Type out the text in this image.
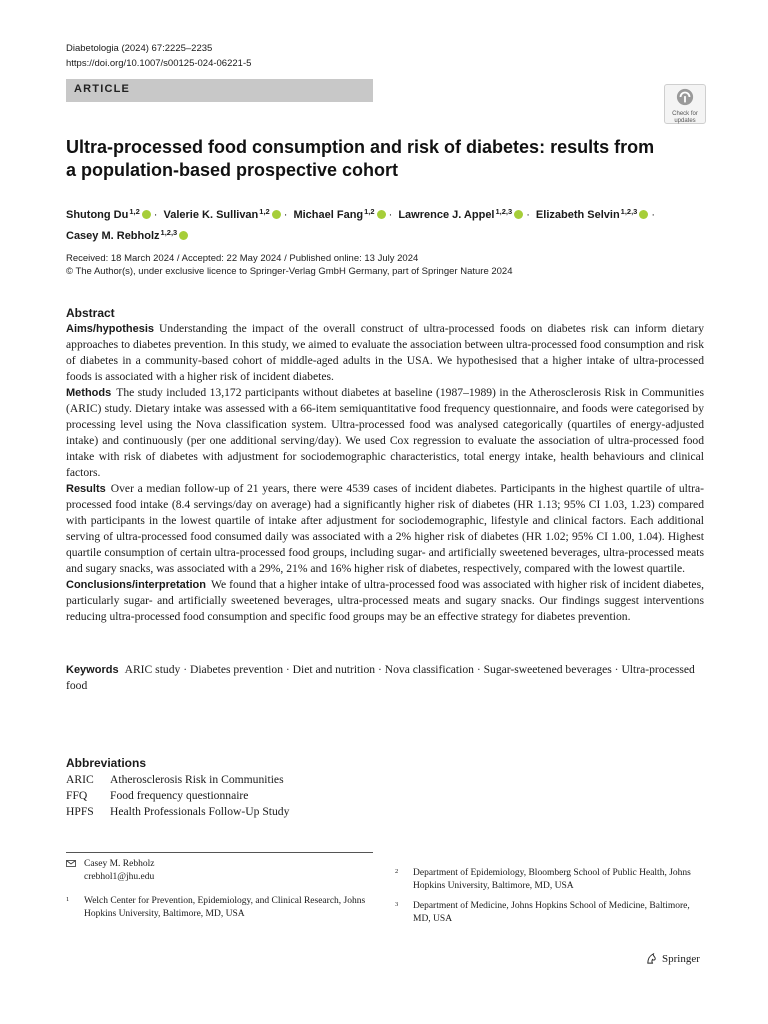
Diabetologia (2024) 67:2225–2235
https://doi.org/10.1007/s00125-024-06221-5
ARTICLE
Check for updates
Ultra-processed food consumption and risk of diabetes: results from a population-based prospective cohort
Shutong Du$^{1,2}$ · Valerie K. Sullivan$^{1,2}$ · Michael Fang$^{1,2}$ · Lawrence J. Appel$^{1,2,3}$ · Elizabeth Selvin$^{1,2,3}$ ·
Casey M. Rebholz$^{1,2,3}$
Received: 18 March 2024 / Accepted: 22 May 2024 / Published online: 13 July 2024
© The Author(s), under exclusive licence to Springer-Verlag GmbH Germany, part of Springer Nature 2024
Abstract

Aims/hypothesis Understanding the impact of the overall construct of ultra-processed foods on diabetes risk can inform dietary approaches to diabetes prevention. In this study, we aimed to evaluate the association between ultra-processed food consumption and risk of diabetes in a community-based cohort of middle-aged adults in the USA. We hypothesised that a higher intake of ultra-processed foods is associated with a higher risk of incident diabetes.

Methods The study included 13,172 participants without diabetes at baseline (1987–1989) in the Atherosclerosis Risk in Communities (ARIC) study. Dietary intake was assessed with a 66-item semiquantitative food frequency questionnaire, and foods were categorised by processing level using the Nova classification system. Ultra-processed food was analysed categorically (quartiles of energy-adjusted intake) and continuously (per one additional serving/day). We used Cox regression to evaluate the association of ultra-processed food intake with risk of diabetes with adjustment for sociodemographic characteristics, total energy intake, health behaviours and clinical factors.

Results Over a median follow-up of 21 years, there were 4539 cases of incident diabetes. Participants in the highest quartile of ultra-processed food intake (8.4 servings/day on average) had a significantly higher risk of diabetes (HR 1.13; 95% CI 1.03, 1.23) compared with participants in the lowest quartile of intake after adjustment for sociodemographic, lifestyle and clinical factors. Each additional serving of ultra-processed food consumed daily was associated with a 2% higher risk of diabetes (HR 1.02; 95% CI 1.00, 1.04). Highest quartile consumption of certain ultra-processed food groups, including sugar- and artificially sweetened beverages, ultra-processed meats and sugary snacks, was associated with a 29%, 21% and 16% higher risk of diabetes, respectively, compared with the lowest quartile.

Conclusions/interpretation We found that a higher intake of ultra-processed food was associated with higher risk of incident diabetes, particularly sugar- and artificially sweetened beverages, ultra-processed meats and sugary snacks. Our findings suggest interventions reducing ultra-processed food consumption and specific food groups may be an effective strategy for diabetes prevention.

Keywords ARIC study · Diabetes prevention · Diet and nutrition · Nova classification · Sugar-sweetened beverages · Ultra-processed food
Abbreviations
ARIC	Atherosclerosis Risk in Communities
FFQ	Food frequency questionnaire
HPFS	Health Professionals Follow-Up Study
Casey M. Rebholz
crebhol1@jhu.edu
1 Welch Center for Prevention, Epidemiology, and Clinical Research, Johns Hopkins University, Baltimore, MD, USA
2 Department of Epidemiology, Bloomberg School of Public Health, Johns Hopkins University, Baltimore, MD, USA
3 Department of Medicine, Johns Hopkins School of Medicine, Baltimore, MD, USA
Springer
